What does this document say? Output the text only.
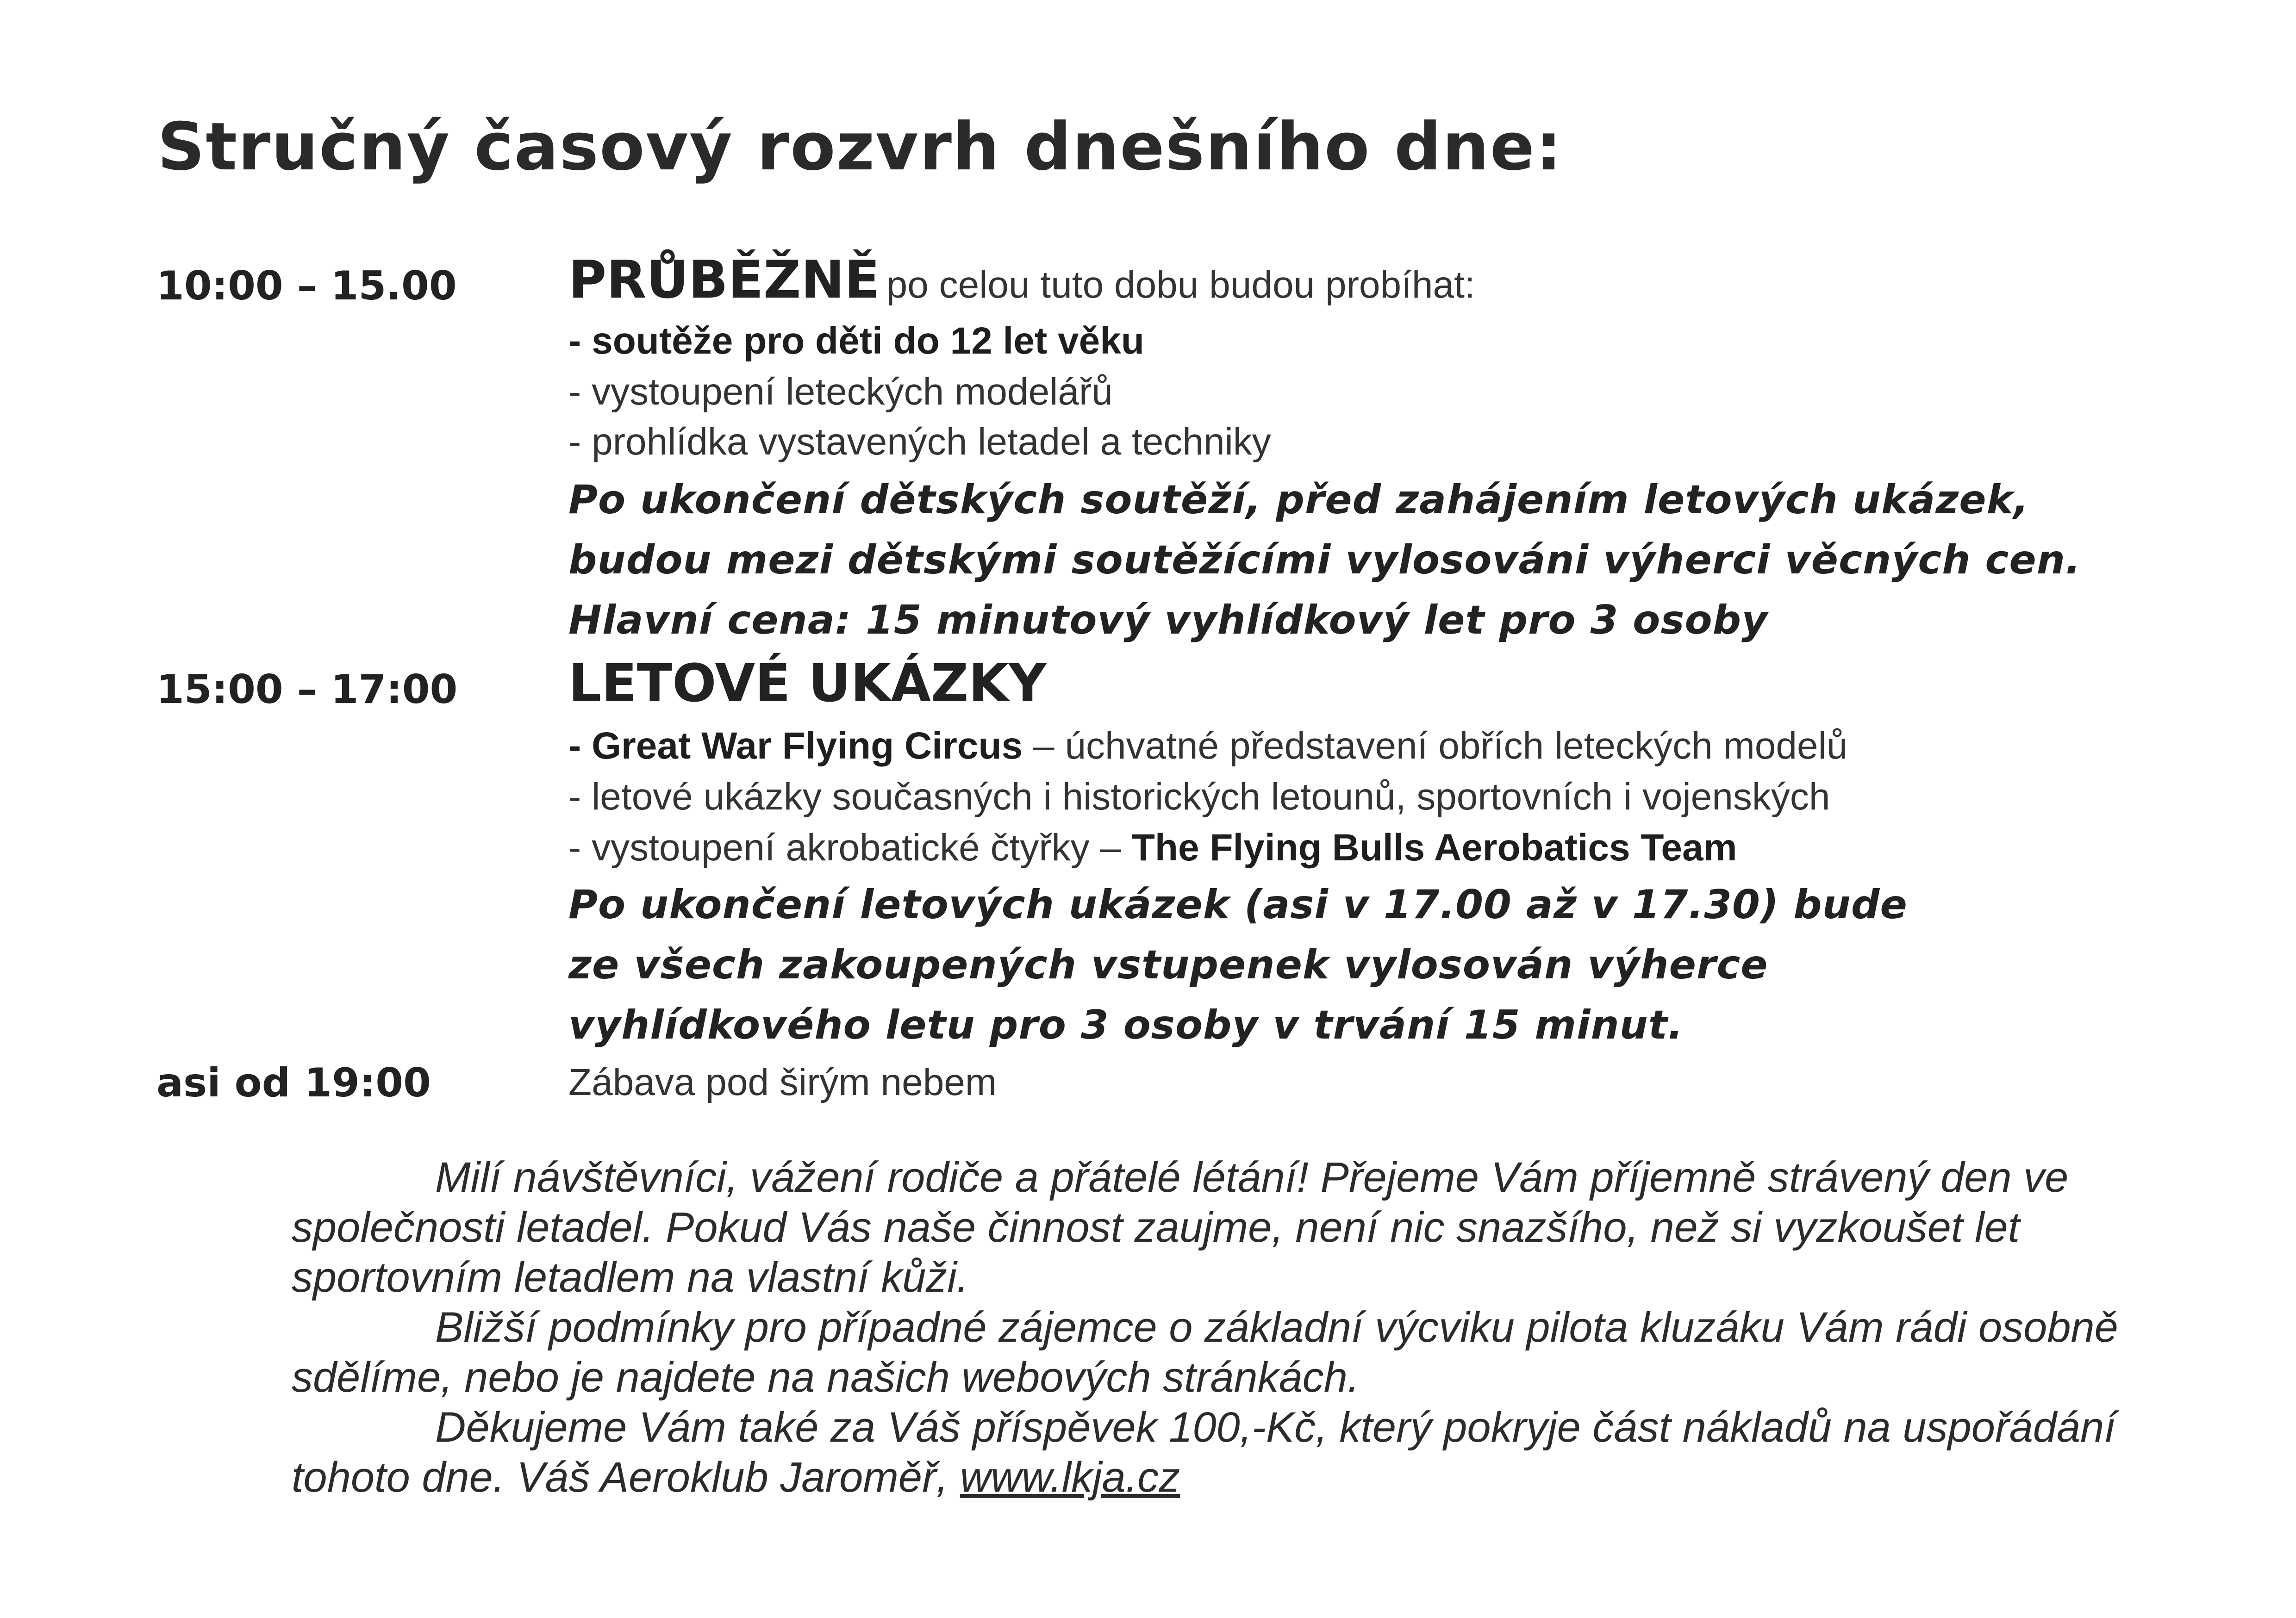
Stručný časový rozvrh dnešního dne:
10:00 – 15.00 PRŮBĚŽNĚ po celou tuto dobu budou probíhat:
- soutěže pro děti do 12 let věku
- vystoupení leteckých modelářů
- prohlídka vystavených letadel a techniky
Po ukončení dětských soutěží, před zahájením letových ukázek,
budou mezi dětskými soutěžícími vylosováni výherci věcných cen.
Hlavní cena: 15 minutový vyhlídkový let pro 3 osoby
15:00 – 17:00 LETOVÉ UKÁZKY
- Great War Flying Circus – úchvatné představení obřích leteckých modelů
- letové ukázky současných i historických letounů, sportovních i vojenských
- vystoupení akrobatické čtyřky – The Flying Bulls Aerobatics Team
Po ukončení letových ukázek (asi v 17.00 až v 17.30) bude
ze všech zakoupených vstupenek vylosován výherce
vyhlídkového letu pro 3 osoby v trvání 15 minut.
asi od 19:00	Zábava pod širým nebem

Milí návštěvníci, vážení rodiče a přátelé létání! Přejeme Vám příjemně strávený den ve společnosti letadel. Pokud Vás naše činnost zaujme, není nic snazšího, než si vyzkoušet let sportovním letadlem na vlastní kůži.

Bližší podmínky pro případné zájemce o základní výcviku pilota kluzáku Vám rádi osobně sdělíme, nebo je najdete na našich webových stránkách.

Děkujeme Vám také za Váš příspěvek 100,-Kč, který pokryje část nákladů na uspořádání tohoto dne. Váš Aeroklub Jaroměř, www.lkja.cz
